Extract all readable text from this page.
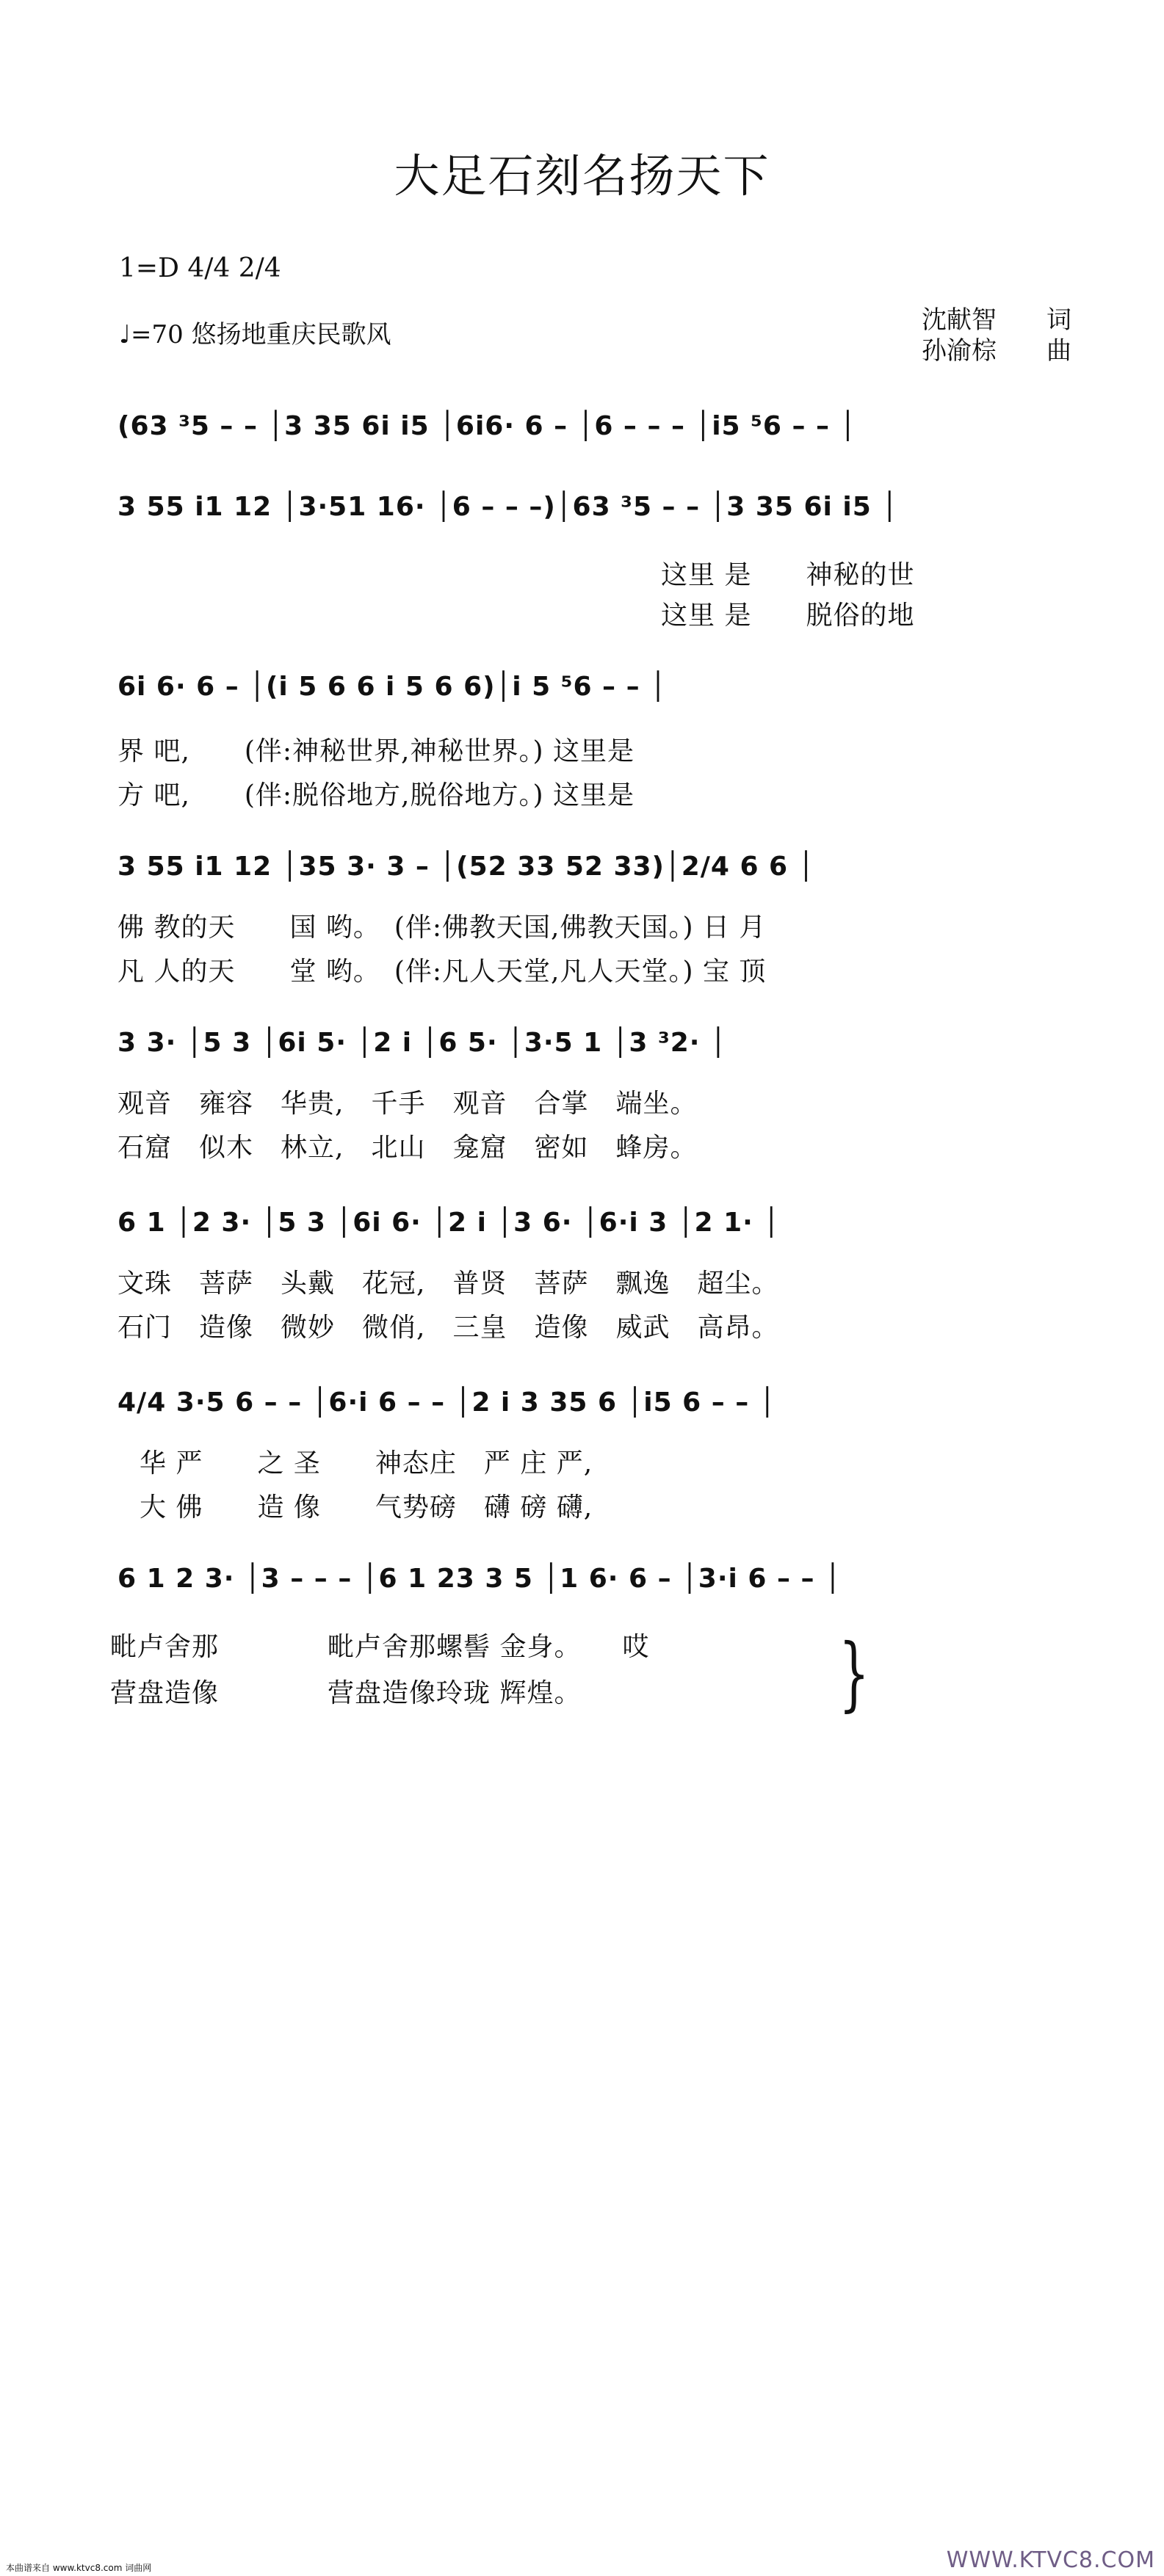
大足石刻名扬天下
1=D 4/4 2/4
♩=70 悠扬地重庆民歌风	沈献智　　词
孙渝棕　　曲
(63 ³5 – – │3 35 6i i5 │6i6· 6 – │6 – – – │i5 ⁵6 – – │
3 55 i1 12 │3·51 16· │6 – – –)│63 ³5 – – │3 35 6i i5 │
这里 是　　神秘的世
这里 是　　脱俗的地
6i 6· 6 – │(i 5 6 6 i 5 6 6)│i 5 ⁵6 – – │
界 吧,　　(伴:神秘世界,神秘世界。) 这里是
方 吧,　　(伴:脱俗地方,脱俗地方。) 这里是
3 55 i1 12 │35 3· 3 – │(52 33 52 33)│2/4 6 6 │
佛 教的天　　国 哟。　(伴:佛教天国,佛教天国。) 日 月
凡 人的天　　堂 哟。　(伴:凡人天堂,凡人天堂。) 宝 顶
3 3· │5 3 │6i 5· │2 i │6 5· │3·5 1 │3 ³2· │
观音　雍容　华贵,　千手　观音　合掌　端坐。
石窟　似木　林立,　北山　龛窟　密如　蜂房。
6 1 │2 3· │5 3 │6i 6· │2 i │3 6· │6·i 3 │2 1· │
文珠　菩萨　头戴　花冠,　普贤　菩萨　飘逸　超尘。
石门　造像　微妙　微俏,　三皇　造像　威武　高昂。
4/4 3·5 6 – – │6·i 6 – – │2 i 3 35 6 │i5 6 – – │
华 严　　之 圣　　神态庄　严 庄 严,
大 佛　　造 像　　气势磅　礴 磅 礴,
6 1 2 3· │3 – – – │6 1 23 3 5 │1 6· 6 – │3·i 6 – – │
毗卢舍那　　　　毗卢舍那螺髻 金身。　　哎
营盘造像　　　　营盘造像玲珑 辉煌。	}
本曲谱来自 www.ktvc8.com 词曲网	WWW.KTVC8.COM
